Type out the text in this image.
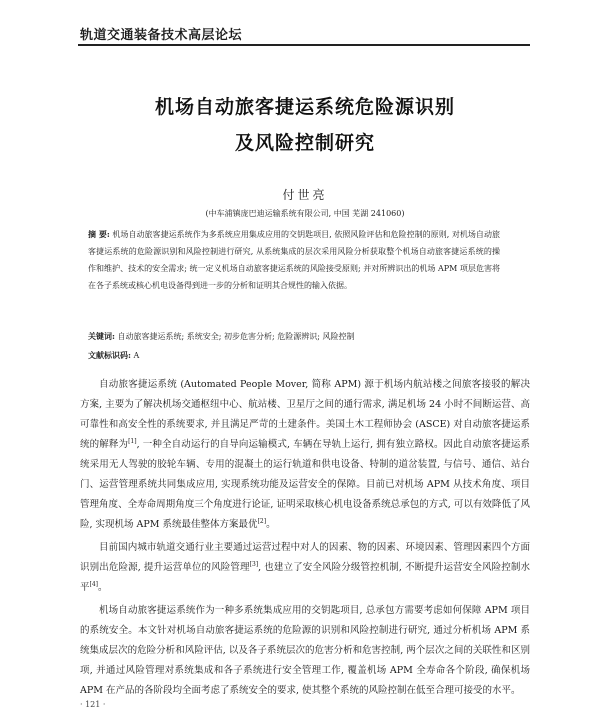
轨道交通装备技术高层论坛
机场自动旅客捷运系统危险源识别
及风险控制研究
付世亮
(中车浦镇庞巴迪运输系统有限公司, 中国 芜湖 241060)

摘 要: 机场自动旅客捷运系统作为多系统应用集成应用的交钥匙项目, 依照风险评估和危险控制的原则, 对机场自动旅客捷运系统的危险源识别和风险控制进行研究, 从系统集成的层次采用风险分析获取整个机场自动旅客捷运系统的操作和维护、技术的安全需求; 统一定义机场自动旅客捷运系统的风险接受原则; 并对所辨识出的机场 APM 项层危害将在各子系统或核心机电设备得到进一步的分析和证明其合规性的输入依据。

关键词: 自动旅客捷运系统; 系统安全; 初步危害分析; 危险源辨识; 风险控制
文献标识码: A

自动旅客捷运系统 (Automated People Mover, 简称 APM) 源于机场内航站楼之间旅客接驳的解决方案, 主要为了解决机场交通枢纽中心、航站楼、卫星厅之间的通行需求, 满足机场 24 小时不间断运营、高可靠性和高安全性的系统要求, 并且满足严苛的土建条件。美国土木工程师协会 (ASCE) 对自动旅客捷运系统的解释为[1], 一种全自动运行的自导向运输模式, 车辆在导轨上运行, 拥有独立路权。因此自动旅客捷运系统采用无人驾驶的胶轮车辆、专用的混凝土的运行轨道和供电设备、特制的道岔装置, 与信号、通信、站台门、运营管理系统共同集成应用, 实现系统功能及运营安全的保障。目前已对机场 APM 从技术角度、项目管理角度、全寿命周期角度三个角度进行论证, 证明采取核心机电设备系统总承包的方式, 可以有效降低了风险, 实现机场 APM 系统最佳整体方案最优[2]。

目前国内城市轨道交通行业主要通过运营过程中对人的因素、物的因素、环境因素、管理因素四个方面识别出危险源, 提升运营单位的风险管理[3], 也建立了安全风险分级管控机制, 不断提升运营安全风险控制水平[4]。

机场自动旅客捷运系统作为一种多系统集成应用的交钥匙项目, 总承包方需要考虑如何保障 APM 项目的系统安全。本文针对机场自动旅客捷运系统的危险源的识别和风险控制进行研究, 通过分析机场 APM 系统集成层次的危险分析和风险评估, 以及各子系统层次的危害分析和危害控制, 两个层次之间的关联性和区别项, 并通过风险管理对系统集成和各子系统进行安全管理工作, 覆盖机场 APM 全寿命各个阶段, 确保机场 APM 在产品的各阶段均全面考虑了系统安全的要求, 使其整个系统的风险控制在低至合理可接受的水平。

· 121 ·
